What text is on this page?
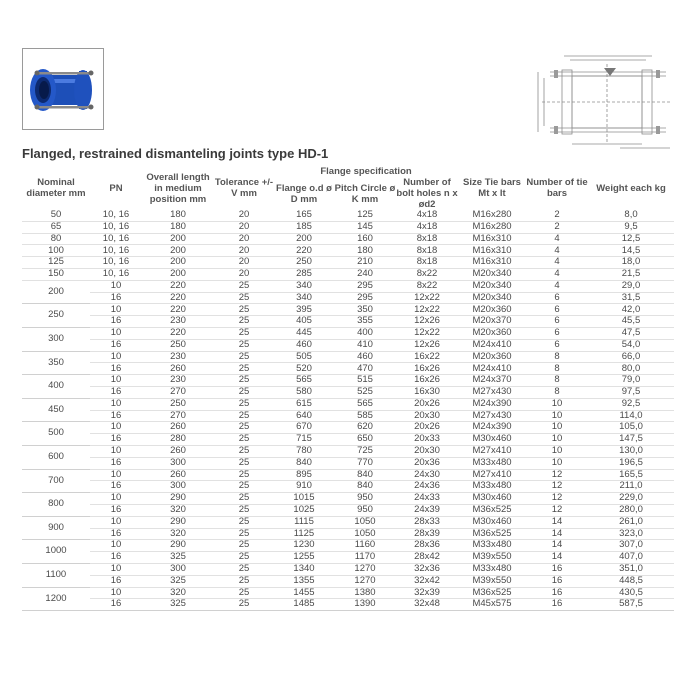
Flanged, restrained dismanteling joints type HD-1
Nominal diameter mm	PN	Overall length in medium position mm	Tolerance +/- V mm	Flange specification			Size Tie bars Mt x lt	Number of tie bars	Weight each kg
				Flange o.d ø D mm	Pitch Circle ø K mm	Number of bolt holes n x ød2			
50	10, 16	180	20	165	125	4x18	M16x280	2	8,0
65	10, 16	180	20	185	145	4x18	M16x280	2	9,5
80	10, 16	200	20	200	160	8x18	M16x310	4	12,5
100	10, 16	200	20	220	180	8x18	M16x310	4	14,5
125	10, 16	200	20	250	210	8x18	M16x310	4	18,0
150	10, 16	200	20	285	240	8x22	M20x340	4	21,5
200	10	220	25	340	295	8x22	M20x340	4	29,0
	16	220	25	340	295	12x22	M20x340	6	31,5
250	10	220	25	395	350	12x22	M20x360	6	42,0
	16	230	25	405	355	12x26	M20x370	6	45,5
300	10	220	25	445	400	12x22	M20x360	6	47,5
	16	250	25	460	410	12x26	M24x410	6	54,0
350	10	230	25	505	460	16x22	M20x360	8	66,0
	16	260	25	520	470	16x26	M24x410	8	80,0
400	10	230	25	565	515	16x26	M24x370	8	79,0
	16	270	25	580	525	16x30	M27x430	8	97,5
450	10	250	25	615	565	20x26	M24x390	10	92,5
	16	270	25	640	585	20x30	M27x430	10	114,0
500	10	260	25	670	620	20x26	M24x390	10	105,0
	16	280	25	715	650	20x33	M30x460	10	147,5
600	10	260	25	780	725	20x30	M27x410	10	130,0
	16	300	25	840	770	20x36	M33x480	10	196,5
700	10	260	25	895	840	24x30	M27x410	12	165,5
	16	300	25	910	840	24x36	M33x480	12	211,0
800	10	290	25	1015	950	24x33	M30x460	12	229,0
	16	320	25	1025	950	24x39	M36x525	12	280,0
900	10	290	25	1115	1050	28x33	M30x460	14	261,0
	16	320	25	1125	1050	28x39	M36x525	14	323,0
1000	10	290	25	1230	1160	28x36	M33x480	14	307,0
	16	325	25	1255	1170	28x42	M39x550	14	407,0
1100	10	300	25	1340	1270	32x36	M33x480	16	351,0
	16	325	25	1355	1270	32x42	M39x550	16	448,5
1200	10	320	25	1455	1380	32x39	M36x525	16	430,5
	16	325	25	1485	1390	32x48	M45x575	16	587,5
